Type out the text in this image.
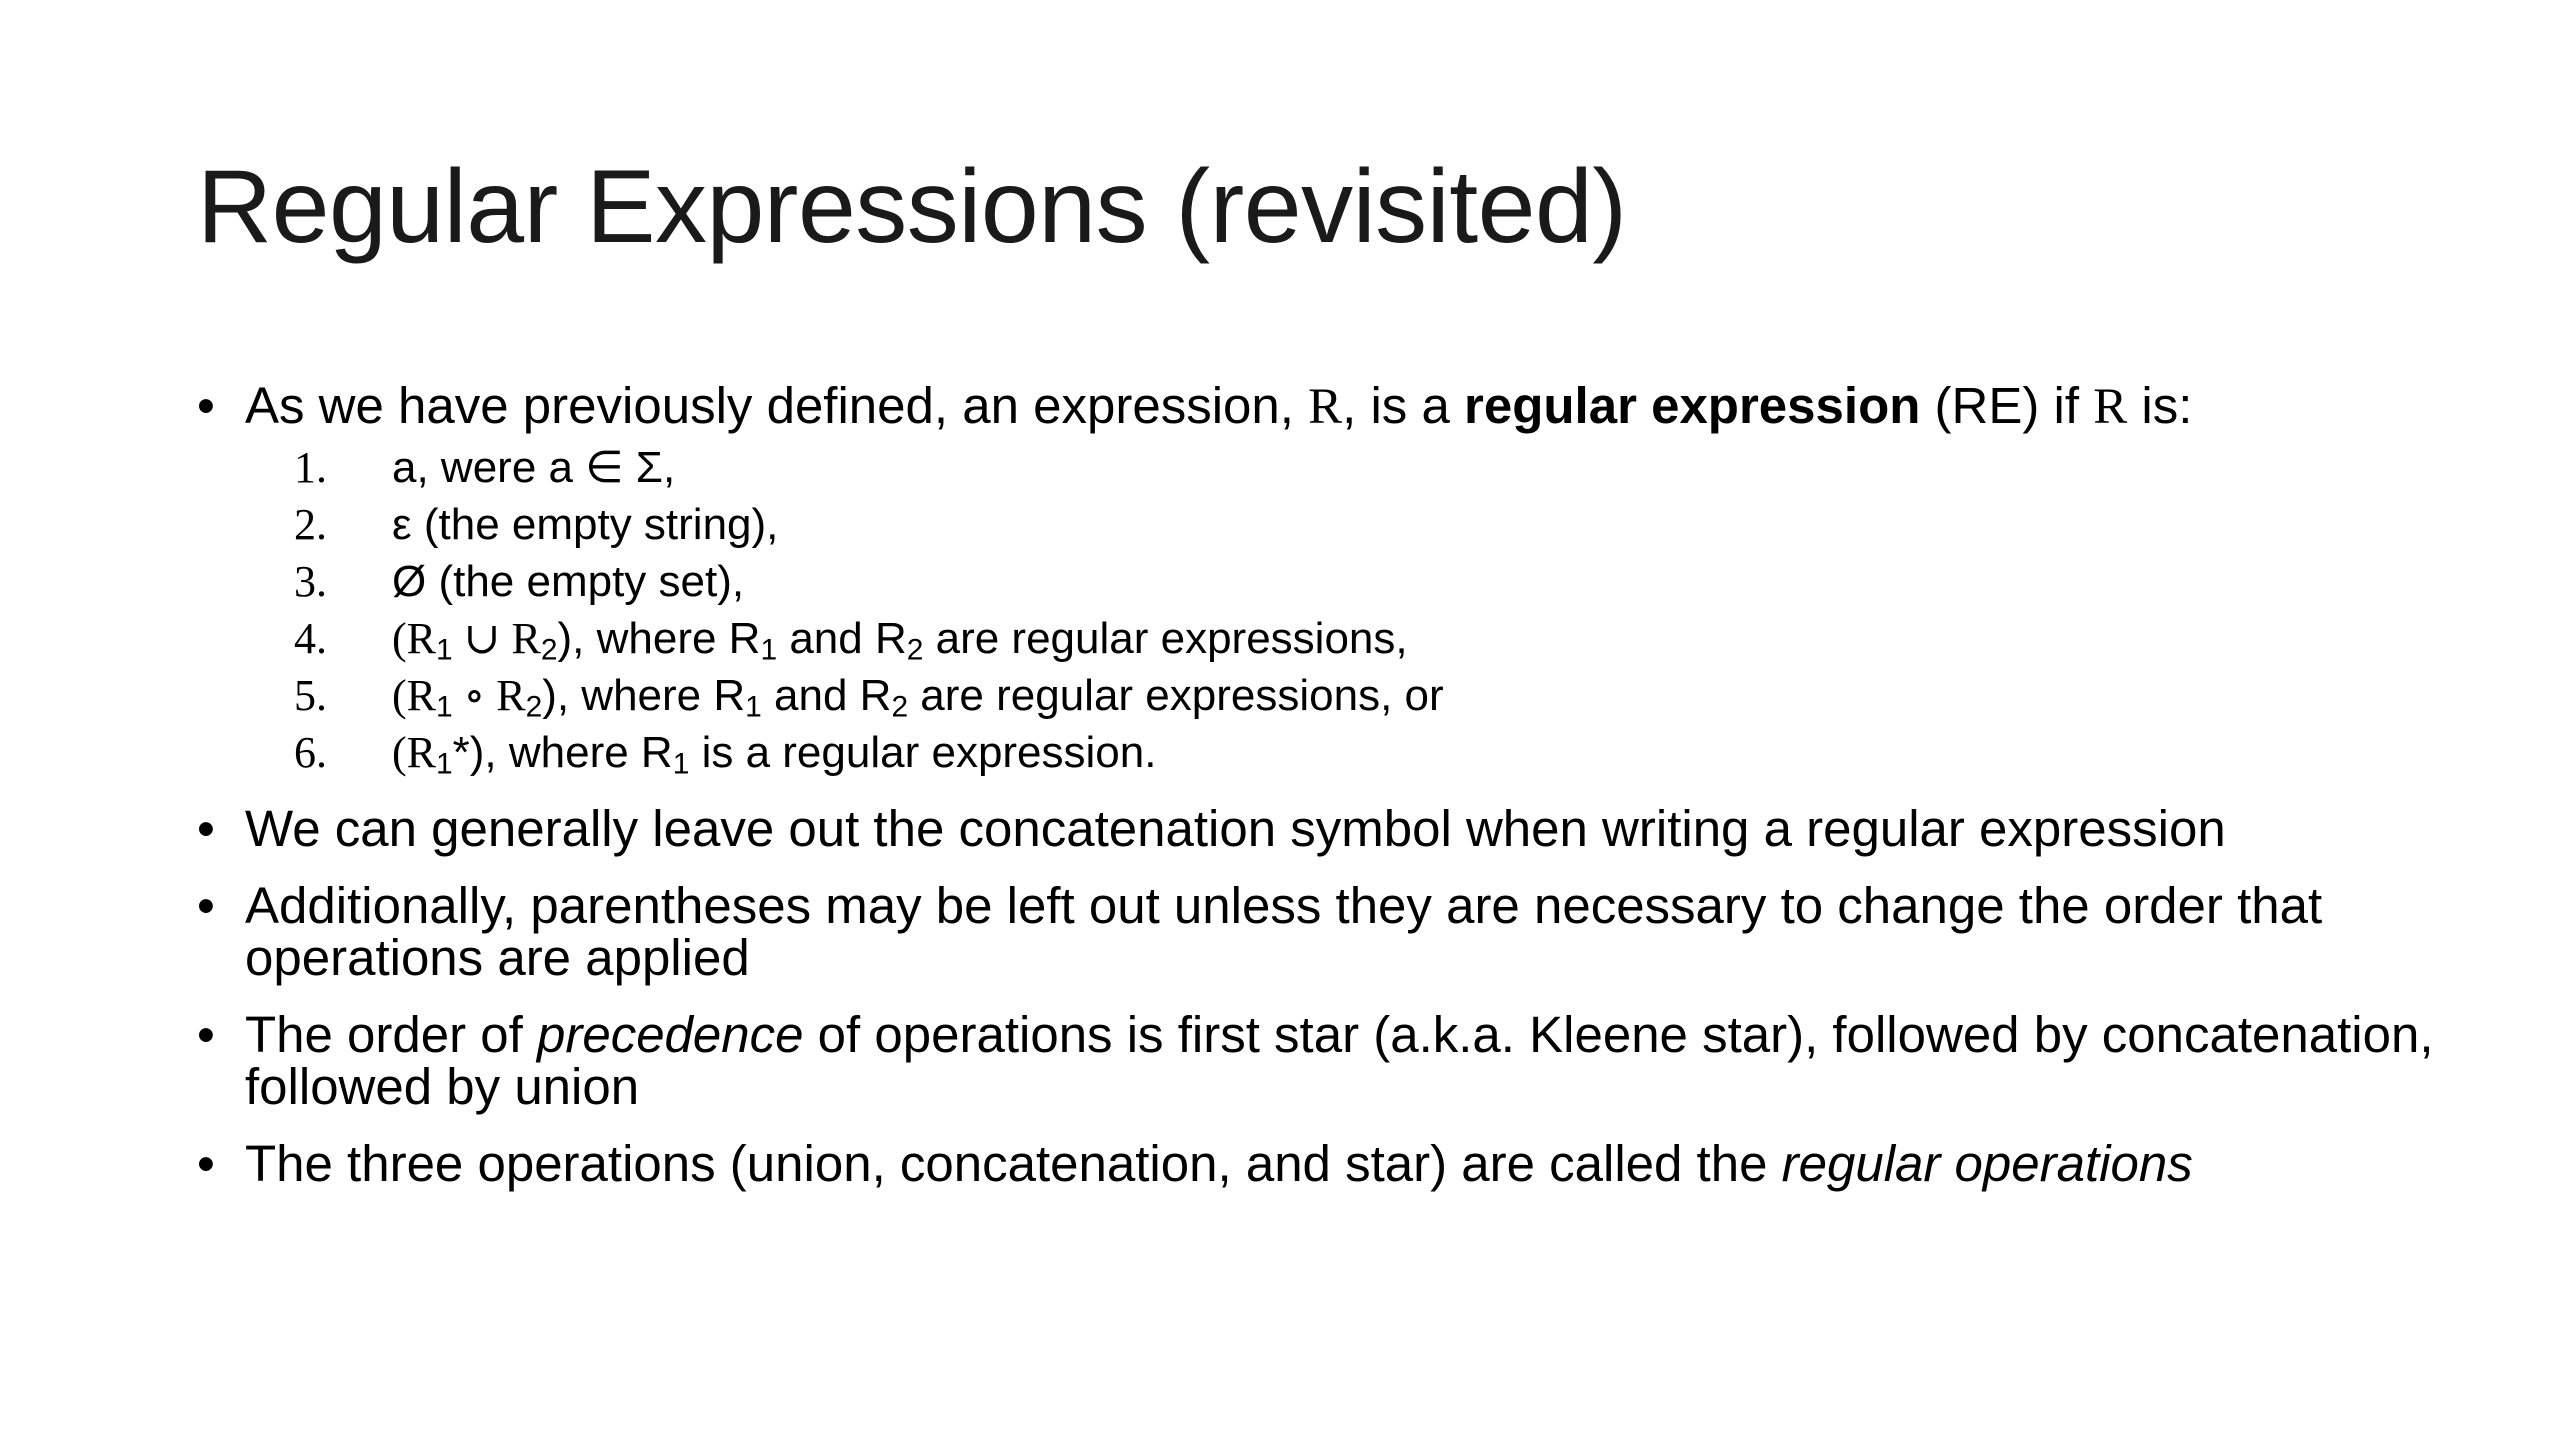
Regular Expressions (revisited)
• As we have previously defined, an expression, R, is a regular expression (RE) if R is:
1. a, were a ∈ Σ,
2. ε (the empty string),
3. Ø (the empty set),
4. ($R_1$ ∪ $R_2$), where $R_1$ and $R_2$ are regular expressions,
5. ($R_1$ ∘ $R_2$), where $R_1$ and $R_2$ are regular expressions, or
6. $(R_1*)$, where $R_1$ is a regular expression.
• We can generally leave out the concatenation symbol when writing a regular expression
• Additionally, parentheses may be left out unless they are necessary to change the order that operations are applied
• The order of precedence of operations is first star (a.k.a. Kleene star), followed by concatenation, followed by union
• The three operations (union, concatenation, and star) are called the regular operations
